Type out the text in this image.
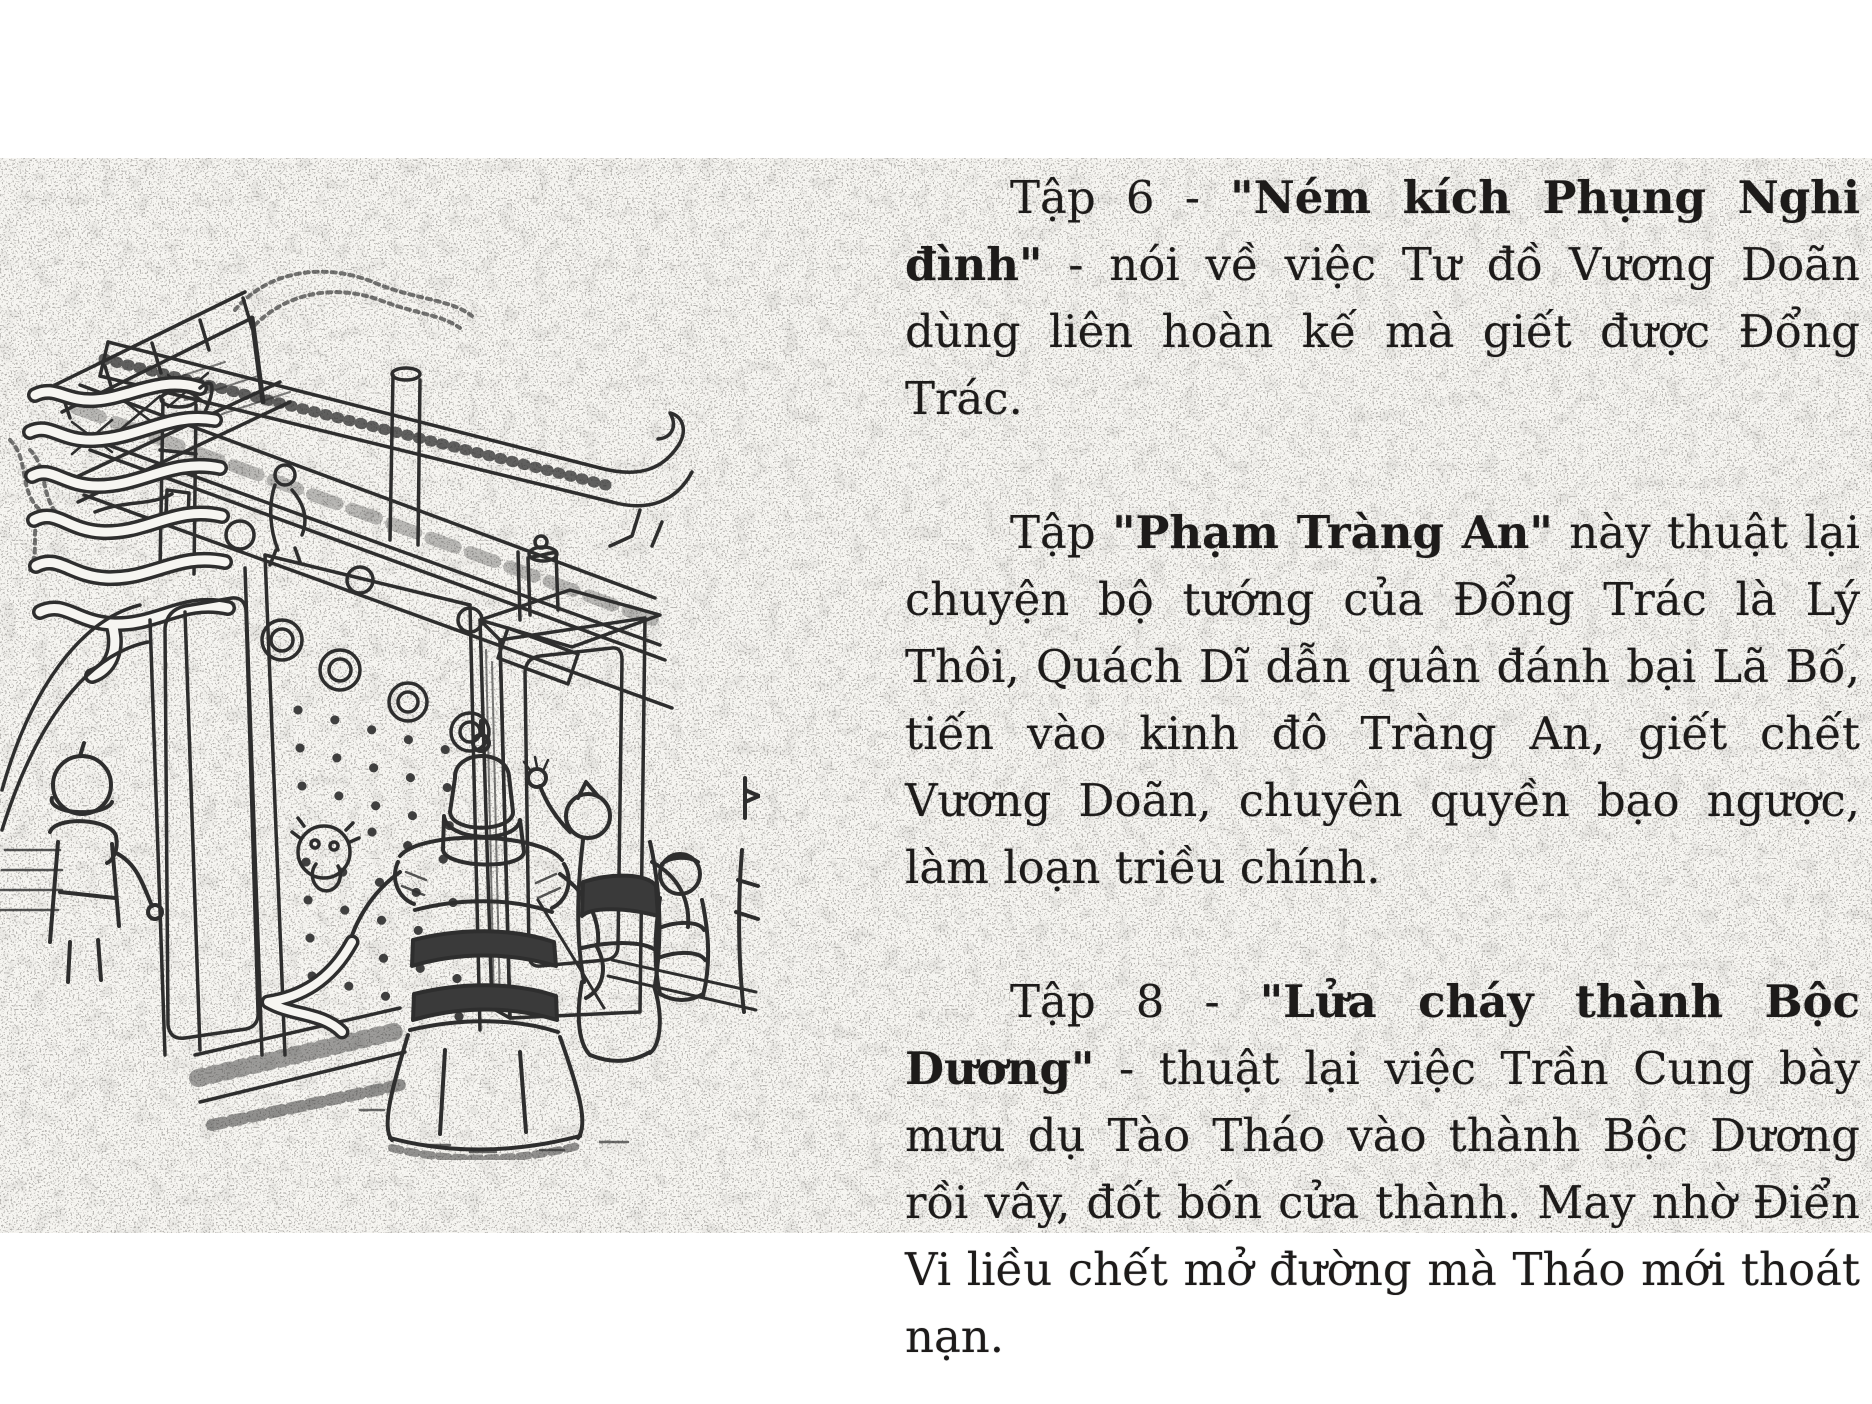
Tập 6 - "Ném kích Phụng Nghi đình" - nói về việc Tư đồ Vương Doãn dùng liên hoàn kế mà giết được Đổng Trác.

Tập "Phạm Tràng An" này thuật lại chuyện bộ tướng của Đổng Trác là Lý Thôi, Quách Dĩ dẫn quân đánh bại Lã Bố, tiến vào kinh đô Tràng An, giết chết Vương Doãn, chuyên quyền bạo ngược, làm loạn triều chính.

Tập 8 - "Lửa cháy thành Bộc Dương" - thuật lại việc Trần Cung bày mưu dụ Tào Tháo vào thành Bộc Dương rồi vây, đốt bốn cửa thành. May nhờ Điển Vi liều chết mở đường mà Tháo mới thoát nạn.
